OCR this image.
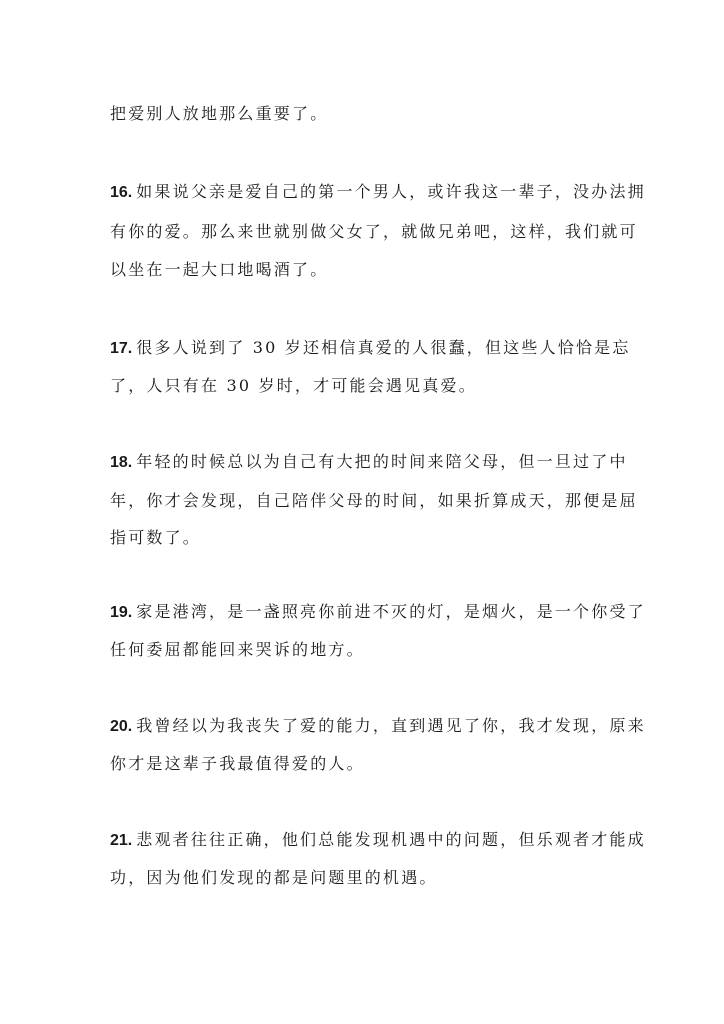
把爱别人放地那么重要了。
16. 如果说父亲是爱自己的第一个男人，或许我这一辈子，没办法拥
有你的爱。那么来世就别做父女了，就做兄弟吧，这样，我们就可
以坐在一起大口地喝酒了。
17. 很多人说到了 30 岁还相信真爱的人很蠢，但这些人恰恰是忘
了，人只有在 30 岁时，才可能会遇见真爱。
18. 年轻的时候总以为自己有大把的时间来陪父母，但一旦过了中
年，你才会发现，自己陪伴父母的时间，如果折算成天，那便是屈
指可数了。
19. 家是港湾，是一盏照亮你前进不灭的灯，是烟火，是一个你受了
任何委屈都能回来哭诉的地方。
20. 我曾经以为我丧失了爱的能力，直到遇见了你，我才发现，原来
你才是这辈子我最值得爱的人。
21. 悲观者往往正确，他们总能发现机遇中的问题，但乐观者才能成
功，因为他们发现的都是问题里的机遇。
